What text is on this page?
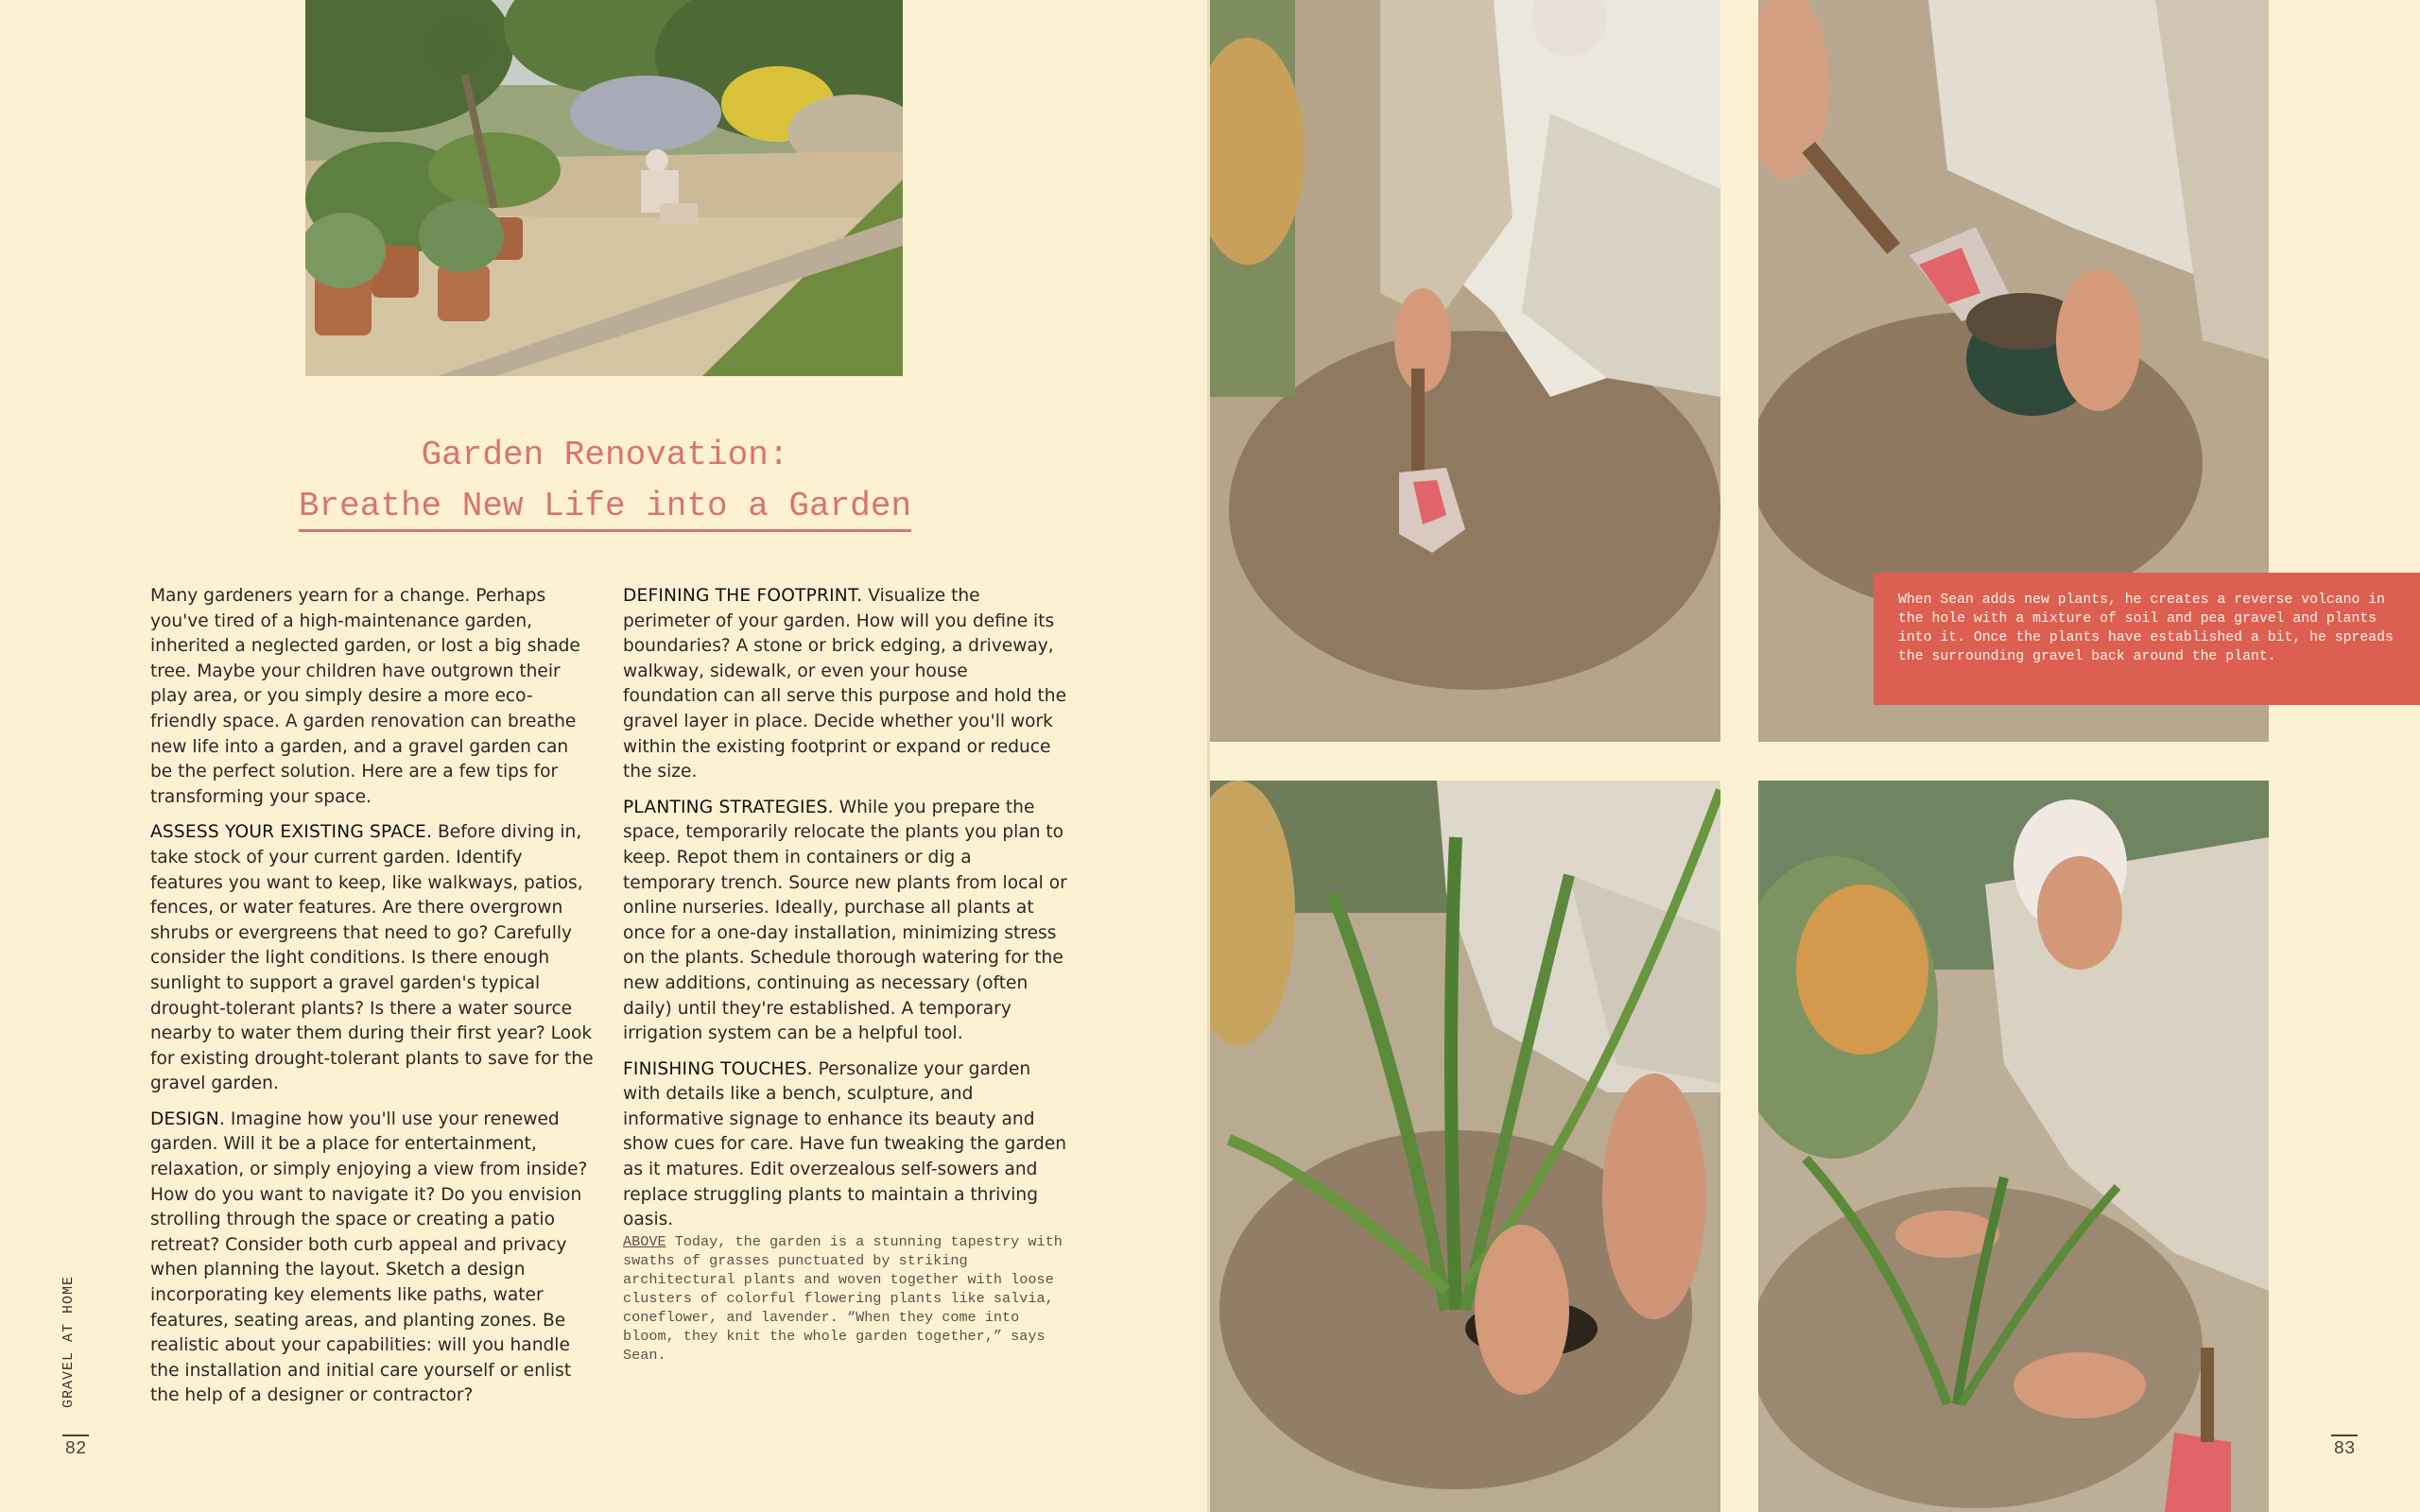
When Sean adds new plants, he creates a reverse volcano in the hole with a mixture of soil and pea gravel and plants into it. Once the plants have established a bit, he spreads the surrounding gravel back around the plant.
Garden Renovation:
Breathe New Life into a Garden

Many gardeners yearn for a change. Perhaps you've tired of a high-maintenance garden, inherited a neglected garden, or lost a big shade tree. Maybe your children have outgrown their play area, or you simply desire a more eco-friendly space. A garden renovation can breathe new life into a garden, and a gravel garden can be the perfect solution. Here are a few tips for transforming your space.

ASSESS YOUR EXISTING SPACE. Before diving in, take stock of your current garden. Identify features you want to keep, like walkways, patios, fences, or water features. Are there overgrown shrubs or evergreens that need to go? Carefully consider the light conditions. Is there enough sunlight to support a gravel garden's typical drought-tolerant plants? Is there a water source nearby to water them during their first year? Look for existing drought-tolerant plants to save for the gravel garden.

DESIGN. Imagine how you'll use your renewed garden. Will it be a place for entertainment, relaxation, or simply enjoying a view from inside? How do you want to navigate it? Do you envision strolling through the space or creating a patio retreat? Consider both curb appeal and privacy when planning the layout. Sketch a design incorporating key elements like paths, water features, seating areas, and planting zones. Be realistic about your capabilities: will you handle the installation and initial care yourself or enlist the help of a designer or contractor?

DEFINING THE FOOTPRINT. Visualize the perimeter of your garden. How will you define its boundaries? A stone or brick edging, a driveway, walkway, sidewalk, or even your house foundation can all serve this purpose and hold the gravel layer in place. Decide whether you'll work within the existing footprint or expand or reduce the size.

PLANTING STRATEGIES. While you prepare the space, temporarily relocate the plants you plan to keep. Repot them in containers or dig a temporary trench. Source new plants from local or online nurseries. Ideally, purchase all plants at once for a one-day installation, minimizing stress on the plants. Schedule thorough watering for the new additions, continuing as necessary (often daily) until they're established. A temporary irrigation system can be a helpful tool.

FINISHING TOUCHES. Personalize your garden with details like a bench, sculpture, and informative signage to enhance its beauty and show cues for care. Have fun tweaking the garden as it matures. Edit overzealous self-sowers and replace struggling plants to maintain a thriving oasis.

ABOVE Today, the garden is a stunning tapestry with swaths of grasses punctuated by striking architectural plants and woven together with loose clusters of colorful flowering plants like salvia, coneflower, and lavender. “When they come into bloom, they knit the whole garden together,” says Sean.
GRAVEL AT HOME
82	83
